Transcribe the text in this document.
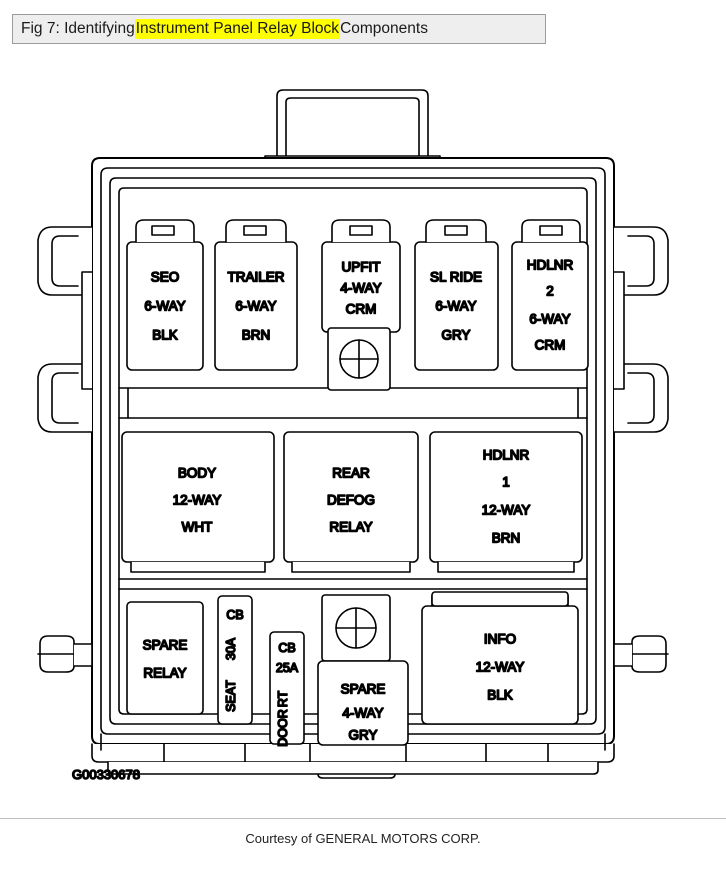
Fig 7: Identifying Instrument Panel Relay Block Components
SEO
6-WAY
BLK
TRAILER
6-WAY
BRN
UPFIT
4-WAY
CRM
SL RIDE
6-WAY
GRY
HDLNR
2
6-WAY
CRM
BODY
12-WAY
WHT
REAR
DEFOG
RELAY
HDLNR
1
12-WAY
BRN
SPARE
RELAY
CB
30A
SEAT
CB
25A
RT
DOOR
SPARE
4-WAY
GRY
INFO
12-WAY
BLK
G00330678
Courtesy of GENERAL MOTORS CORP.
